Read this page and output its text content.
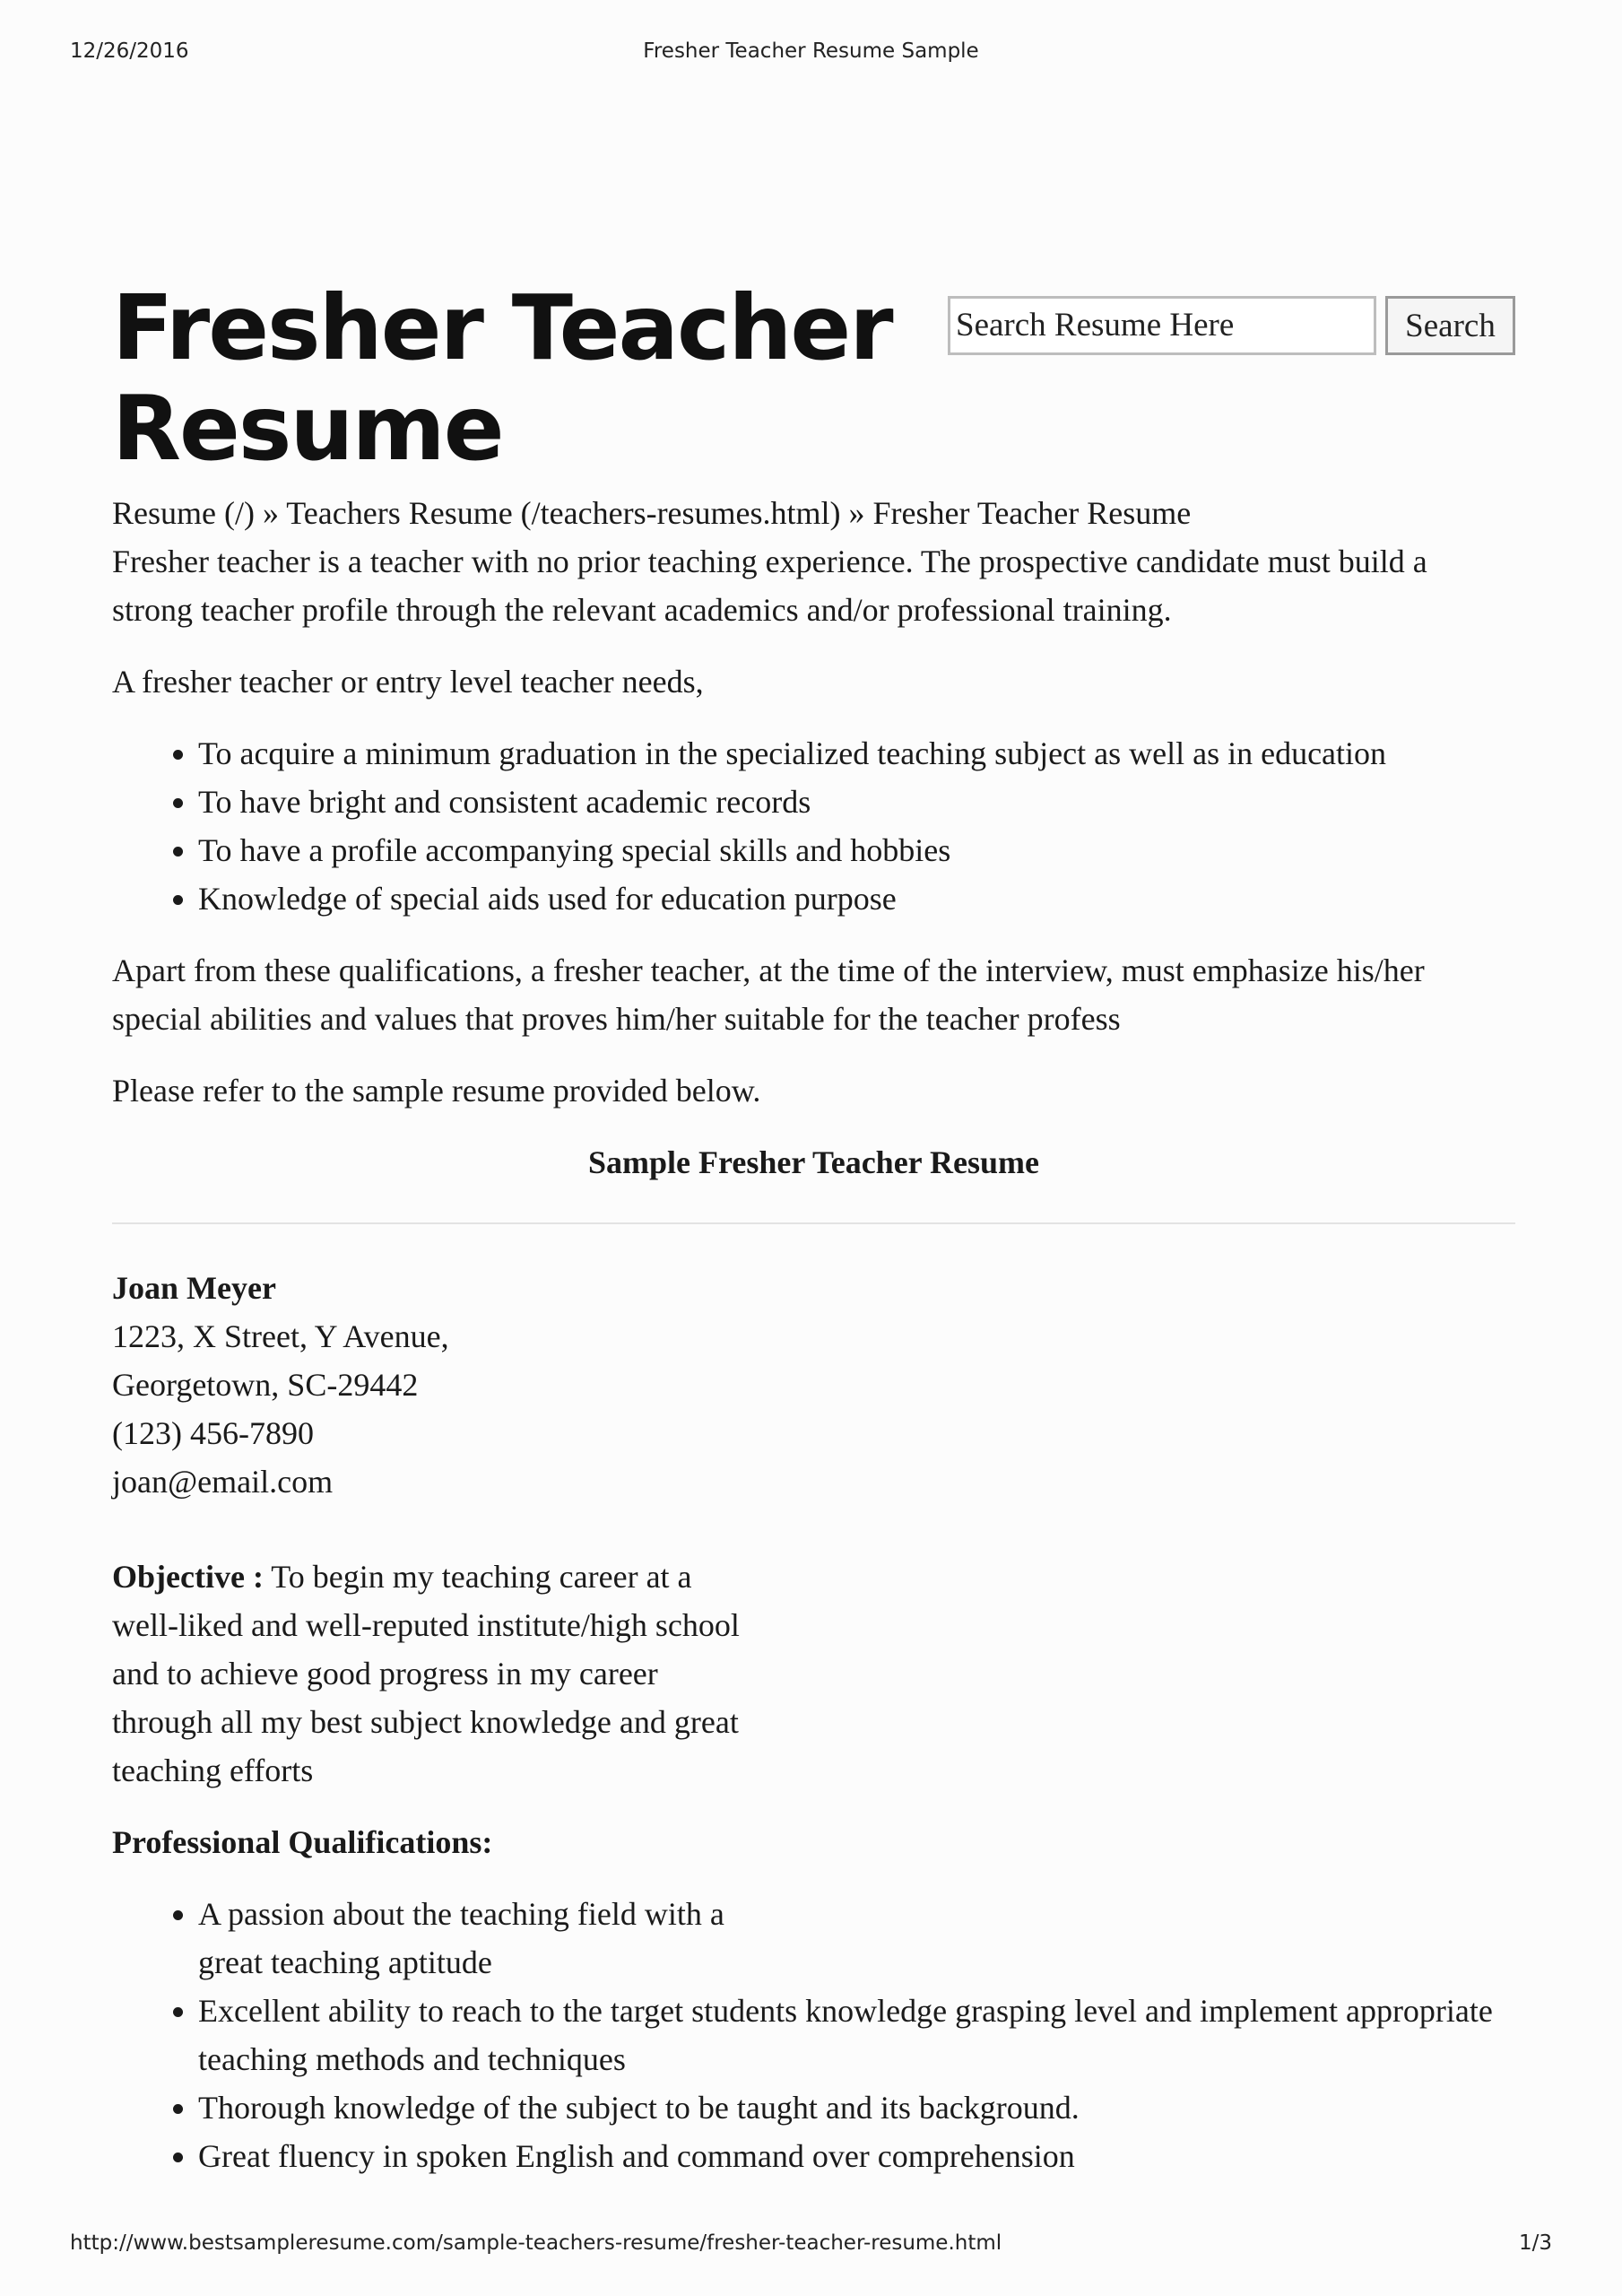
12/26/2016	Fresher Teacher Resume Sample
Fresher Teacher Resume
Search Resume Here
Search

Resume (/) » Teachers Resume (/teachers-resumes.html) » Fresher Teacher Resume

Fresher teacher is a teacher with no prior teaching experience. The prospective candidate must build a strong teacher profile through the relevant academics and/or professional training.

A fresher teacher or entry level teacher needs,

• To acquire a minimum graduation in the specialized teaching subject as well as in education
• To have bright and consistent academic records
• To have a profile accompanying special skills and hobbies
• Knowledge of special aids used for education purpose

Apart from these qualifications, a fresher teacher, at the time of the interview, must emphasize his/her special abilities and values that proves him/her suitable for the teacher profess

Please refer to the sample resume provided below.

Sample Fresher Teacher Resume

Joan Meyer

1223, X Street, Y Avenue,

Georgetown, SC-29442

(123) 456-7890

joan@email.com

Objective : To begin my teaching career at a well-liked and well-reputed institute/high school and to achieve good progress in my career through all my best subject knowledge and great teaching efforts

Professional Qualifications:

• A passion about the teaching field with a great teaching aptitude
• Excellent ability to reach to the target students knowledge grasping level and implement appropriate teaching methods and techniques
• Thorough knowledge of the subject to be taught and its background.
• Great fluency in spoken English and command over comprehension
http://www.bestsampleresume.com/sample-teachers-resume/fresher-teacher-resume.html	1/3
